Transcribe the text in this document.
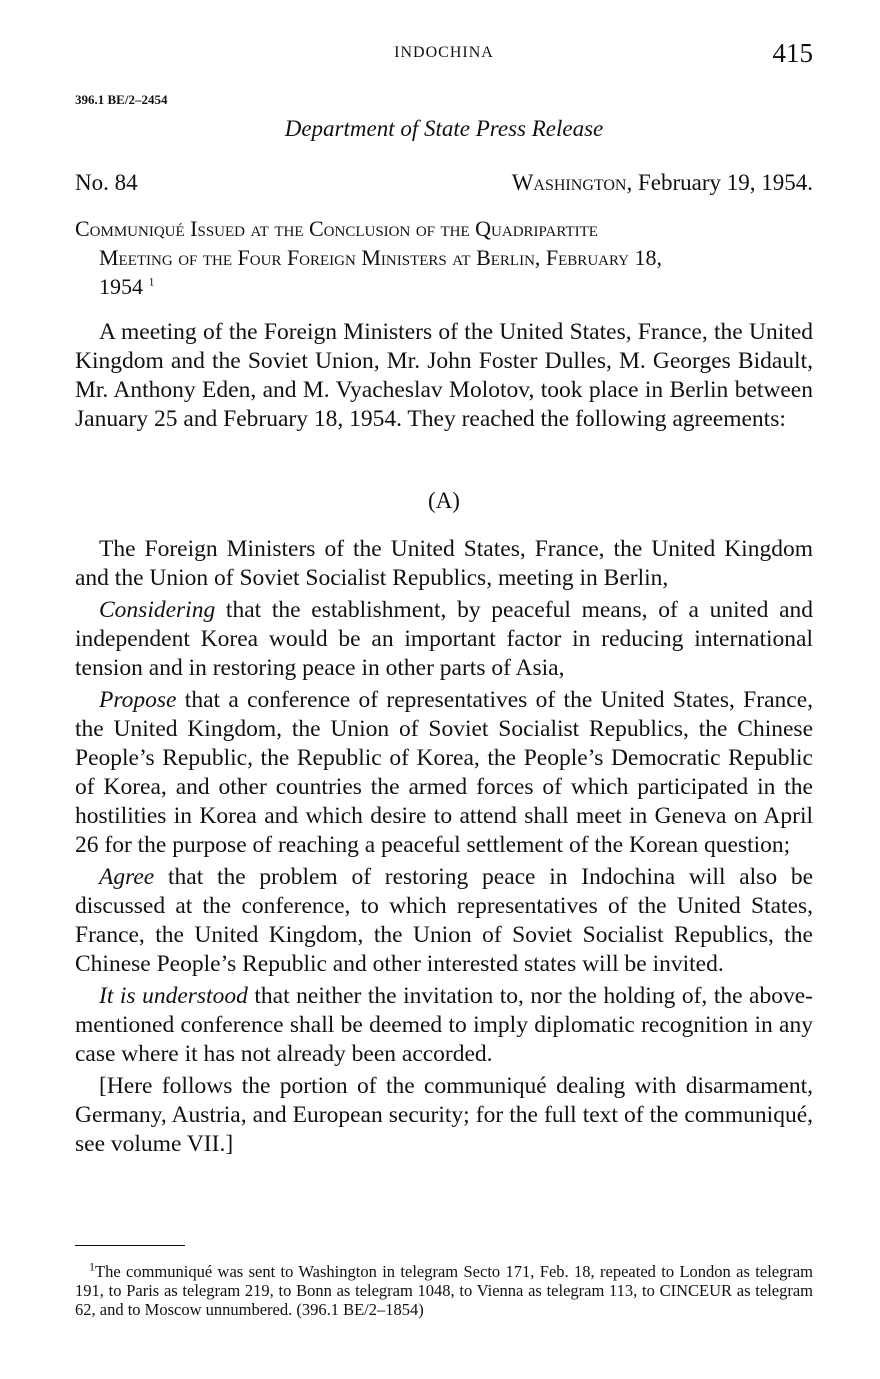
INDOCHINA	415
396.1 BE/2–2454
Department of State Press Release
No. 84	Washington, February 19, 1954.
Communiqué Issued at the Conclusion of the Quadripartite
Meeting of the Four Foreign Ministers at Berlin, February 18,
1954 $^1$

A meeting of the Foreign Ministers of the United States, France, the United Kingdom and the Soviet Union, Mr. John Foster Dulles, M. Georges Bidault, Mr. Anthony Eden, and M. Vyacheslav Molotov, took place in Berlin between January 25 and February 18, 1954. They reached the following agreements:

(A)

The Foreign Ministers of the United States, France, the United Kingdom and the Union of Soviet Socialist Republics, meeting in Berlin,

Considering that the establishment, by peaceful means, of a united and independent Korea would be an important factor in reducing international tension and in restoring peace in other parts of Asia,

Propose that a conference of representatives of the United States, France, the United Kingdom, the Union of Soviet Socialist Republics, the Chinese People’s Republic, the Republic of Korea, the People’s Democratic Republic of Korea, and other countries the armed forces of which participated in the hostilities in Korea and which desire to attend shall meet in Geneva on April 26 for the purpose of reaching a peaceful settlement of the Korean question;

Agree that the problem of restoring peace in Indochina will also be discussed at the conference, to which representatives of the United States, France, the United Kingdom, the Union of Soviet Socialist Republics, the Chinese People’s Republic and other interested states will be invited.

It is understood that neither the invitation to, nor the holding of, the above-mentioned conference shall be deemed to imply diplomatic recognition in any case where it has not already been accorded.

[Here follows the portion of the communiqué dealing with disarmament, Germany, Austria, and European security; for the full text of the communiqué, see volume VII.]

$^1$The communiqué was sent to Washington in telegram Secto 171, Feb. 18, repeated to London as telegram 191, to Paris as telegram 219, to Bonn as telegram 1048, to Vienna as telegram 113, to CINCEUR as telegram 62, and to Moscow unnumbered. (396.1 BE/2–1854)
